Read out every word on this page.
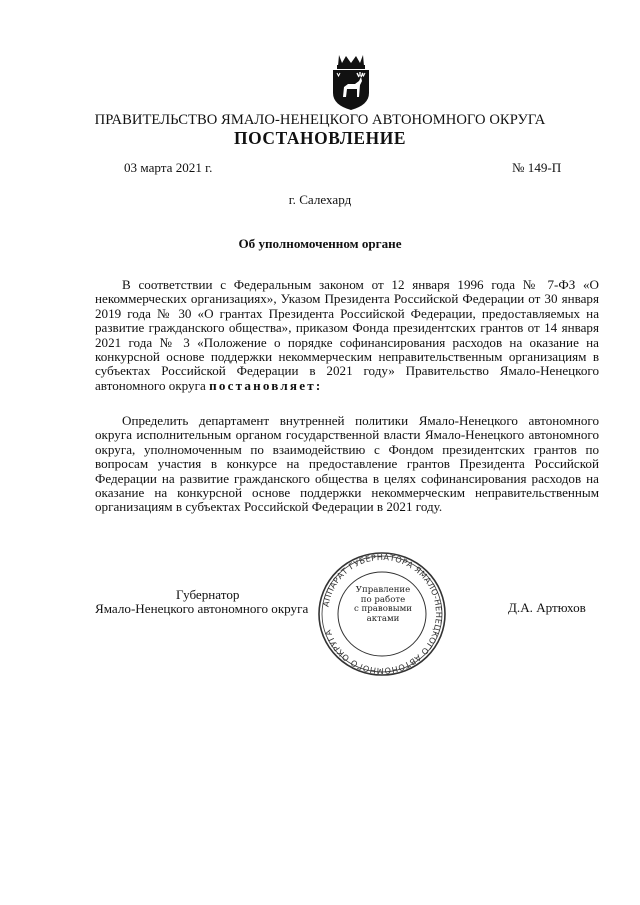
ПРАВИТЕЛЬСТВО ЯМАЛО-НЕНЕЦКОГО АВТОНОМНОГО ОКРУГА
ПОСТАНОВЛЕНИЕ
03 марта 2021 г.	№ 149-П
г. Салехард
Об уполномоченном органе
В соответствии с Федеральным законом от 12 января 1996 года № 7-ФЗ «О некоммерческих организациях», Указом Президента Российской Федерации от 30 января 2019 года № 30 «О грантах Президента Российской Федерации, предоставляемых на развитие гражданского общества», приказом Фонда президентских грантов от 14 января 2021 года № 3 «Положение о порядке софинансирования расходов на оказание на конкурсной основе поддержки некоммерческим неправительственным организациям в субъектах Российской Федерации в 2021 году» Правительство Ямало-Ненецкого автономного округа постановляет:
Определить департамент внутренней политики Ямало-Ненецкого автономного округа исполнительным органом государственной власти Ямало-Ненецкого автономного округа, уполномоченным по взаимодействию с Фондом президентских грантов по вопросам участия в конкурсе на предоставление грантов Президента Российской Федерации на развитие гражданского общества в целях софинансирования расходов на оказание на конкурсной основе поддержки некоммерческим неправительственным организациям в субъектах Российской Федерации в 2021 году.
Губернатор
Ямало-Ненецкого автономного округа	Д.А. Артюхов
АППАРАТ ГУБЕРНАТОРА ЯМАЛО-НЕНЕЦКОГО АВТОНОМНОГО ОКРУГА
Управление
по работе
с правовыми
актами
